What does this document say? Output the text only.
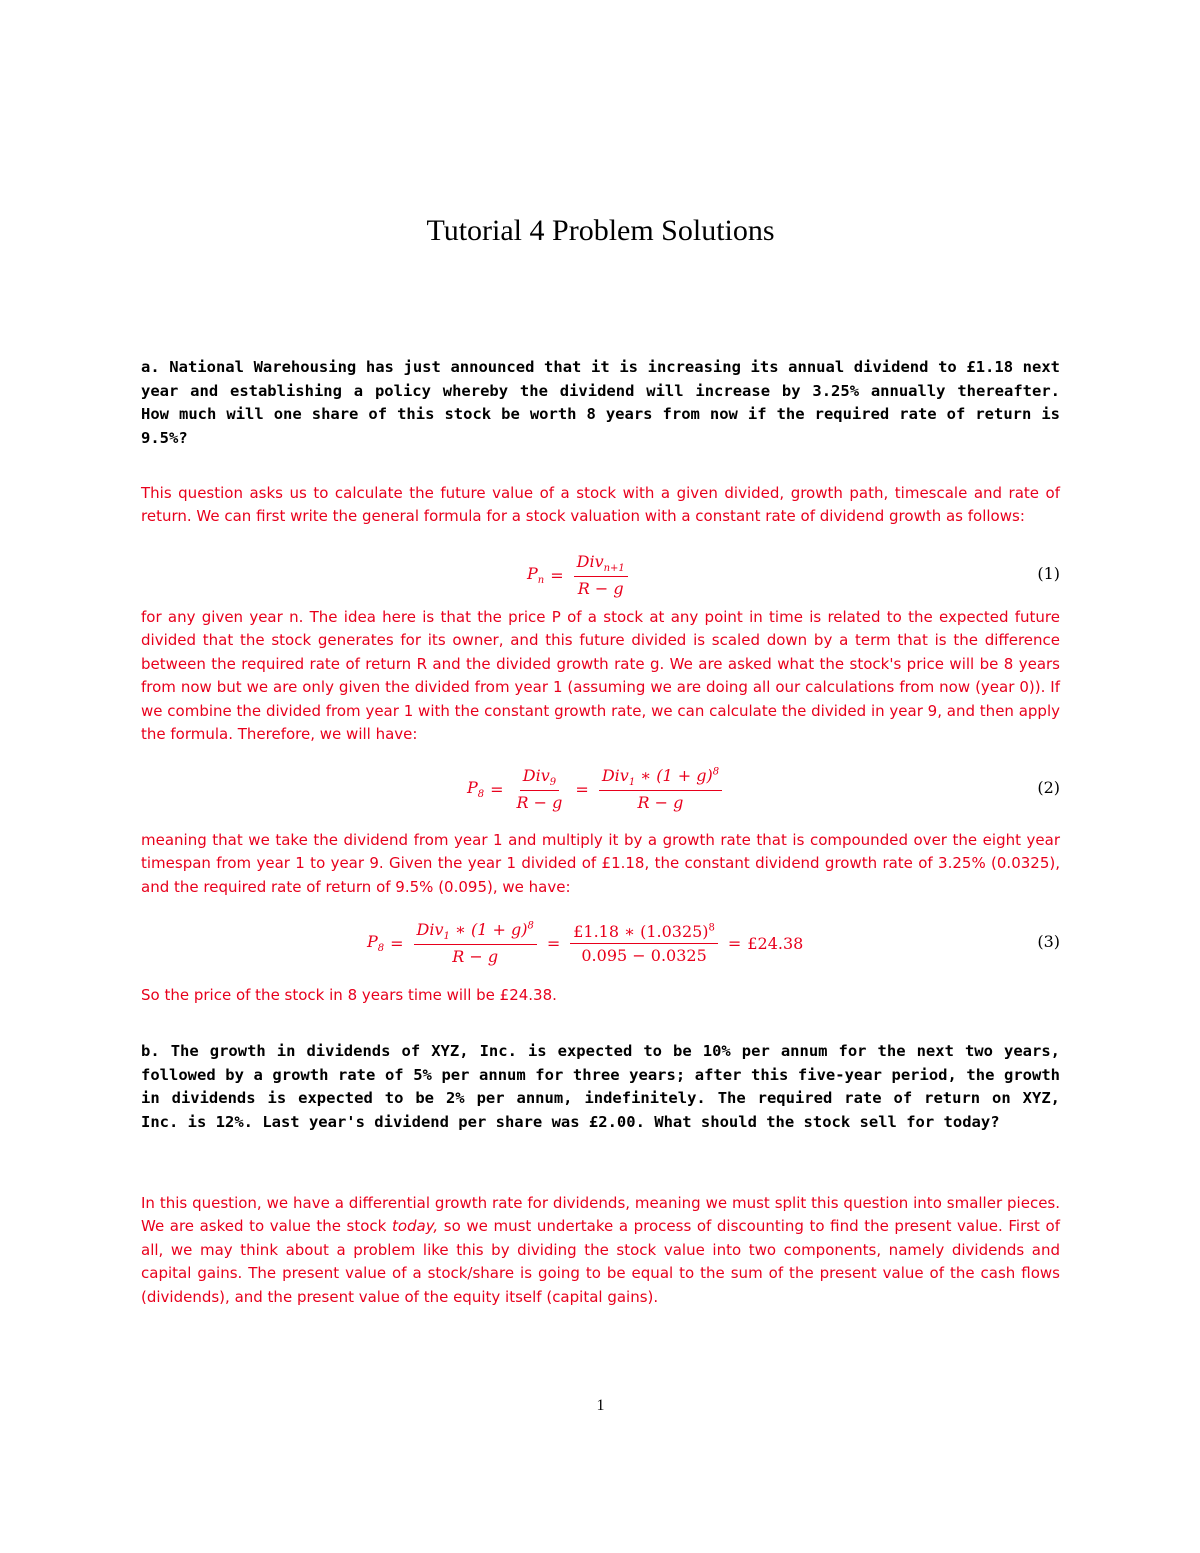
Tutorial 4 Problem Solutions
a. National Warehousing has just announced that it is increasing its annual dividend to £1.18 next year and establishing a policy whereby the dividend will increase by 3.25% annually thereafter. How much will one share of this stock be worth 8 years from now if the required rate of return is 9.5%?
This question asks us to calculate the future value of a stock with a given divided, growth path, timescale and rate of return. We can first write the general formula for a stock valuation with a constant rate of dividend growth as follows:
$P_n = \frac{Div_{n+1}}{R - g}$	(1)
for any given year n. The idea here is that the price P of a stock at any point in time is related to the expected future divided that the stock generates for its owner, and this future divided is scaled down by a term that is the difference between the required rate of return R and the divided growth rate g. We are asked what the stock's price will be 8 years from now but we are only given the divided from year 1 (assuming we are doing all our calculations from now (year 0)). If we combine the divided from year 1 with the constant growth rate, we can calculate the divided in year 9, and then apply the formula. Therefore, we will have:
$P_8 = \frac{Div_9}{R - g} = \frac{Div_1 ∗ (1 + g)^8}{R - g}$	(2)
meaning that we take the dividend from year 1 and multiply it by a growth rate that is compounded over the eight year timespan from year 1 to year 9. Given the year 1 divided of £1.18, the constant dividend growth rate of 3.25% (0.0325), and the required rate of return of 9.5% (0.095), we have:
$P_8 = \frac{Div_1 ∗ (1 + g)^8}{R - g} = \frac{£1.18 ∗ (1.0325)^8}{0.095 - 0.0325}$ = £24.38	(3)
So the price of the stock in 8 years time will be £24.38.
b. The growth in dividends of XYZ, Inc. is expected to be 10% per annum for the next two years, followed by a growth rate of 5% per annum for three years; after this five-year period, the growth in dividends is expected to be 2% per annum, indefinitely. The required rate of return on XYZ, Inc. is 12%. Last year's dividend per share was £2.00. What should the stock sell for today?
In this question, we have a differential growth rate for dividends, meaning we must split this question into smaller pieces. We are asked to value the stock today, so we must undertake a process of discounting to find the present value. First of all, we may think about a problem like this by dividing the stock value into two components, namely dividends and capital gains. The present value of a stock/share is going to be equal to the sum of the present value of the cash flows (dividends), and the present value of the equity itself (capital gains).
1
